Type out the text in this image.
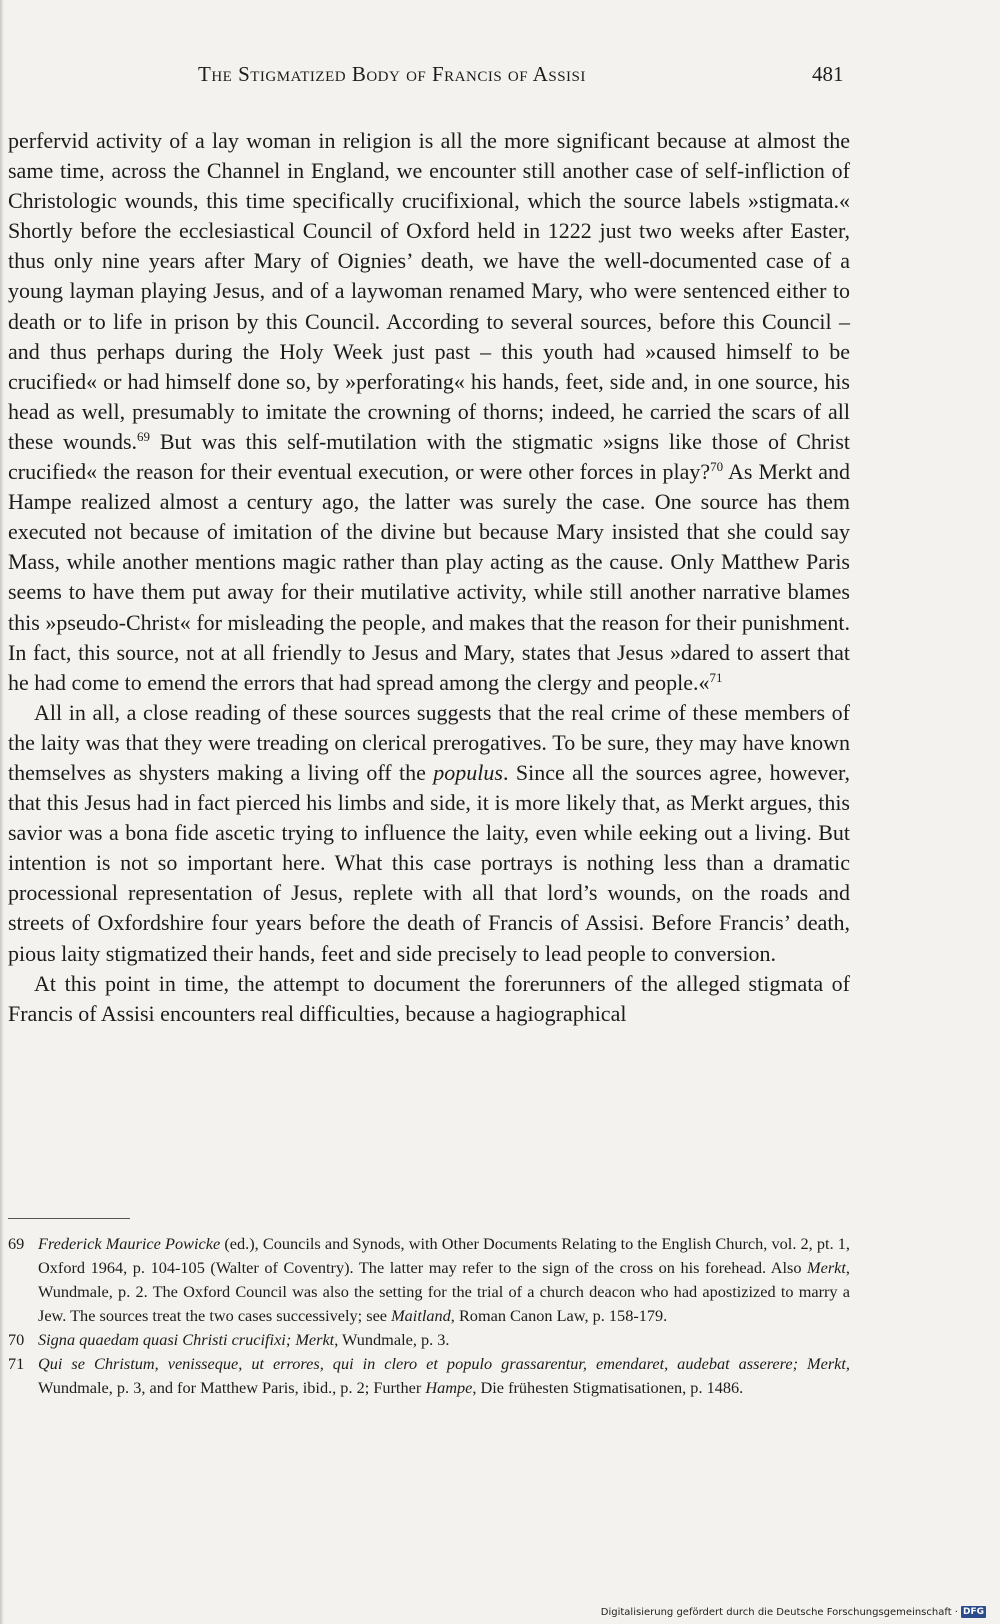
The Stigmatized Body of Francis of Assisi	481

perfervid activity of a lay woman in religion is all the more significant because at almost the same time, across the Channel in England, we encounter still another case of self-infliction of Christologic wounds, this time specifically crucifixional, which the source labels »stigmata.« Shortly before the ecclesiastical Council of Oxford held in 1222 just two weeks after Easter, thus only nine years after Mary of Oignies’ death, we have the well-documented case of a young layman playing Jesus, and of a laywoman renamed Mary, who were sentenced either to death or to life in prison by this Council. According to several sources, before this Council – and thus perhaps during the Holy Week just past – this youth had »caused himself to be crucified« or had himself done so, by »perforating« his hands, feet, side and, in one source, his head as well, presumably to imitate the crowning of thorns; indeed, he carried the scars of all these wounds.$^{69}$ But was this self-mutilation with the stigmatic »signs like those of Christ crucified« the reason for their eventual execution, or were other forces in play?$^{70}$ As Merkt and Hampe realized almost a century ago, the latter was surely the case. One source has them executed not because of imitation of the divine but because Mary insisted that she could say Mass, while another mentions magic rather than play acting as the cause. Only Matthew Paris seems to have them put away for their mutilative activity, while still another narrative blames this »pseudo-Christ« for misleading the people, and makes that the reason for their punishment. In fact, this source, not at all friendly to Jesus and Mary, states that Jesus »dared to assert that he had come to emend the errors that had spread among the clergy and people.«$^{71}$

All in all, a close reading of these sources suggests that the real crime of these members of the laity was that they were treading on clerical prerogatives. To be sure, they may have known themselves as shysters making a living off the populus. Since all the sources agree, however, that this Jesus had in fact pierced his limbs and side, it is more likely that, as Merkt argues, this savior was a bona fide ascetic trying to influence the laity, even while eeking out a living. But intention is not so important here. What this case portrays is nothing less than a dramatic processional representation of Jesus, replete with all that lord’s wounds, on the roads and streets of Oxfordshire four years before the death of Francis of Assisi. Before Francis’ death, pious laity stigmatized their hands, feet and side precisely to lead people to conversion.

At this point in time, the attempt to document the forerunners of the alleged stigmata of Francis of Assisi encounters real difficulties, because a hagiographical

69 Frederick Maurice Powicke (ed.), Councils and Synods, with Other Documents Relating to the English Church, vol. 2, pt. 1, Oxford 1964, p. 104-105 (Walter of Coventry). The latter may refer to the sign of the cross on his forehead. Also Merkt, Wundmale, p. 2. The Oxford Council was also the setting for the trial of a church deacon who had apostizized to marry a Jew. The sources treat the two cases successively; see Maitland, Roman Canon Law, p. 158-179.
70 Signa quaedam quasi Christi crucifixi; Merkt, Wundmale, p. 3.
71 Qui se Christum, venisseque, ut errores, qui in clero et populo grassarentur, emendaret, audebat asserere; Merkt, Wundmale, p. 3, and for Matthew Paris, ibid., p. 2; Further Hampe, Die frühesten Stigmatisationen, p. 1486.
Digitalisierung gefördert durch die Deutsche Forschungsgemeinschaft · DFG
